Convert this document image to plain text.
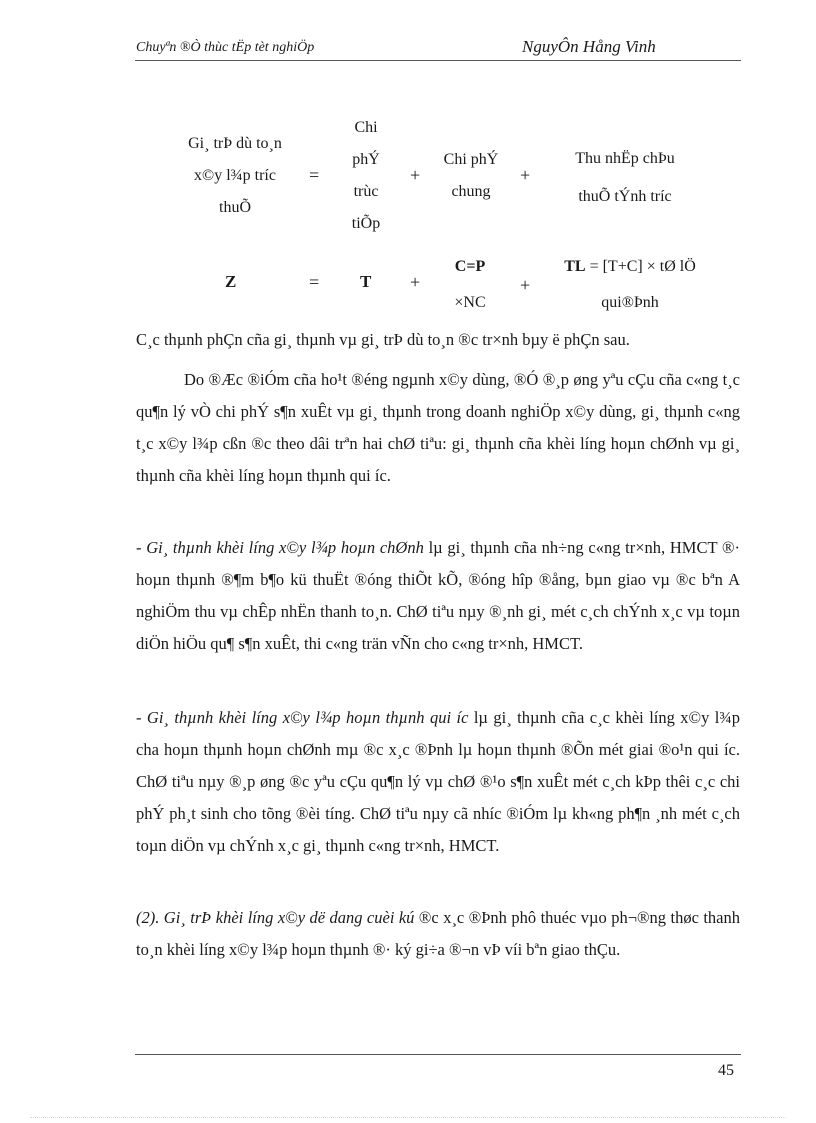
Chuyªn ®Ò thùc tËp tèt nghiÖp	NguyÔn Hång Vinh
Gi¸ trÞ dù to¸n
x©y l¾p tríc
thuÕ
=
Chi
phÝ
trùc
tiÕp
+
Chi phÝ
chung
+
Thu nhËp chÞu
thuÕ tÝnh tríc
Z	= T +
C=P
×NC
+
TL = [T+C] × tØ lÖ
qui®Þnh
C¸c thµnh phÇn cña gi¸ thµnh vµ gi¸ trÞ dù to¸n ®c tr×nh bµy ë phÇn sau.
Do ®Æc ®iÓm cña ho¹t ®éng ngµnh x©y dùng, ®Ó ®¸p øng yªu cÇu cña c«ng t¸c qu¶n lý vÒ chi phÝ s¶n xuÊt vµ gi¸ thµnh trong doanh nghiÖp x©y dùng, gi¸ thµnh c«ng t¸c x©y l¾p cßn ®c theo dâi trªn hai chØ tiªu: gi¸ thµnh cña khèi líng hoµn chØnh vµ gi¸ thµnh cña khèi líng hoµn thµnh qui íc.
- Gi¸ thµnh khèi líng x©y l¾p hoµn chØnh lµ gi¸ thµnh cña nh÷ng c«ng tr×nh, HMCT ®· hoµn thµnh ®¶m b¶o kü thuËt ®óng thiÕt kÕ, ®óng hîp ®ång, bµn giao vµ ®c bªn A nghiÖm thu vµ chÊp nhËn thanh to¸n. ChØ tiªu nµy ®¸nh gi¸ mét c¸ch chÝnh x¸c vµ toµn diÖn hiÖu qu¶ s¶n xuÊt, thi c«ng trän vÑn cho c«ng tr×nh, HMCT.
- Gi¸ thµnh khèi líng x©y l¾p hoµn thµnh qui íc lµ gi¸ thµnh cña c¸c khèi líng x©y l¾p cha hoµn thµnh hoµn chØnh mµ ®c x¸c ®Þnh lµ hoµn thµnh ®Õn mét giai ®o¹n qui íc. ChØ tiªu nµy ®¸p øng ®c yªu cÇu qu¶n lý vµ chØ ®¹o s¶n xuÊt mét c¸ch kÞp thêi c¸c chi phÝ ph¸t sinh cho tõng ®èi tíng. ChØ tiªu nµy cã nhíc ®iÓm lµ kh«ng ph¶n ¸nh mét c¸ch toµn diÖn vµ chÝnh x¸c gi¸ thµnh c«ng tr×nh, HMCT.
(2). Gi¸ trÞ khèi líng x©y dë dang cuèi kú ®c x¸c ®Þnh phô thuéc vµo ph¬®ng thøc thanh to¸n khèi líng x©y l¾p hoµn thµnh ®· ký gi÷a ®¬n vÞ víi bªn giao thÇu.
45
